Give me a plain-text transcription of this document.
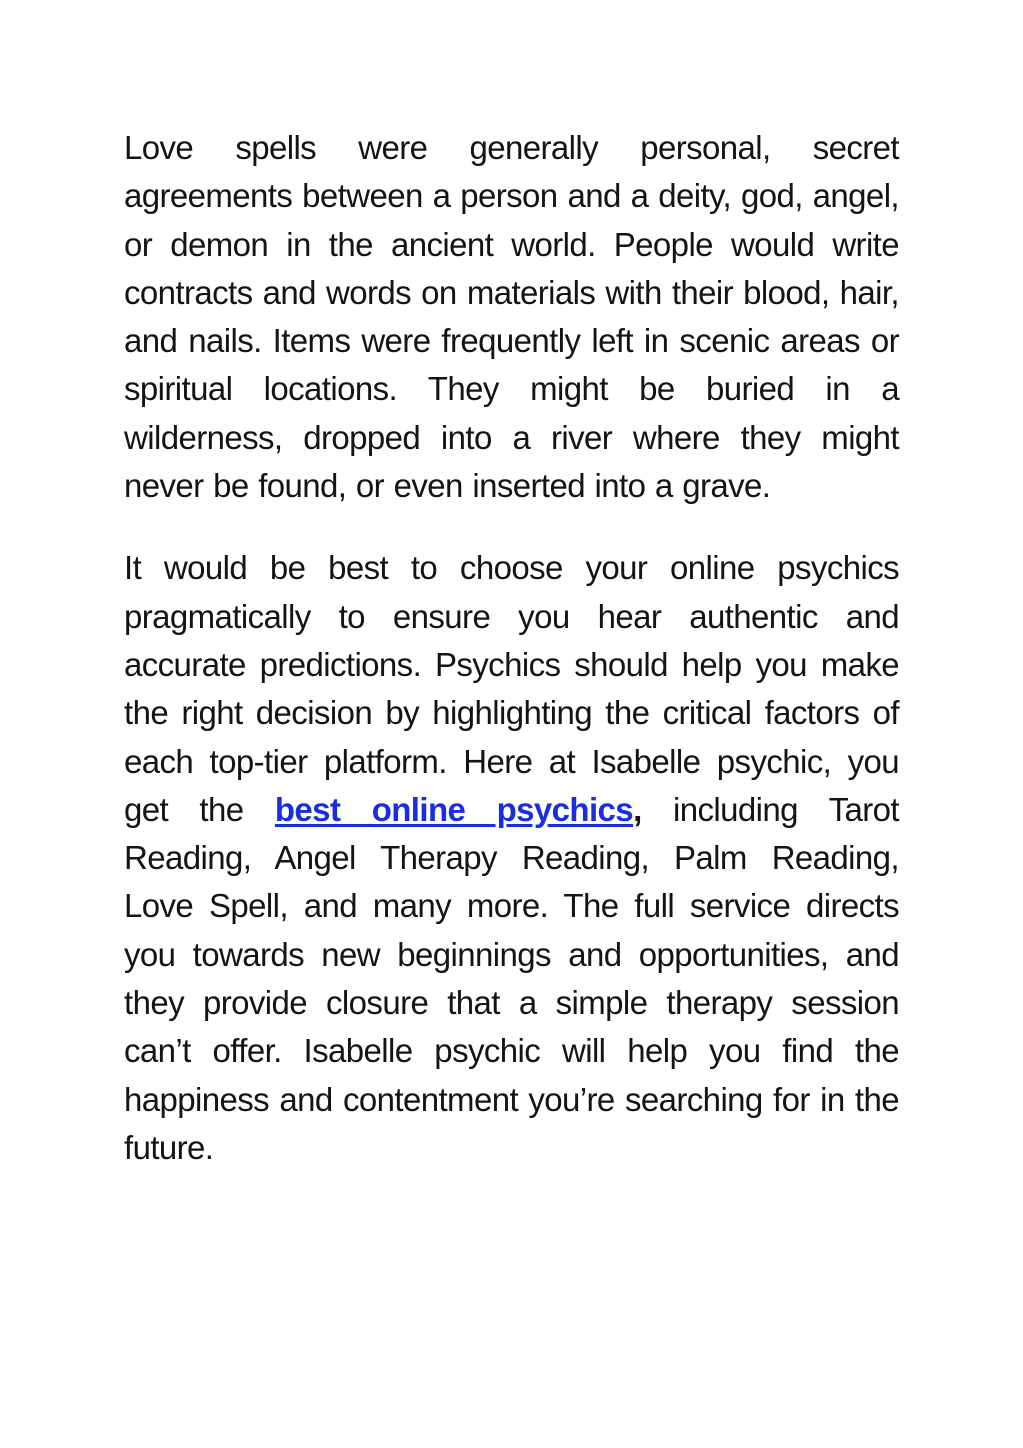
Love spells were generally personal, secret agreements between a person and a deity, god, angel, or demon in the ancient world. People would write contracts and words on materials with their blood, hair, and nails. Items were frequently left in scenic areas or spiritual locations. They might be buried in a wilderness, dropped into a river where they might never be found, or even inserted into a grave.

It would be best to choose your online psychics pragmatically to ensure you hear authentic and accurate predictions. Psychics should help you make the right decision by highlighting the critical factors of each top-tier platform. Here at Isabelle psychic, you get the best online psychics, including Tarot Reading, Angel Therapy Reading, Palm Reading, Love Spell, and many more. The full service directs you towards new beginnings and opportunities, and they provide closure that a simple therapy session can’t offer. Isabelle psychic will help you find the happiness and contentment you’re searching for in the future.
